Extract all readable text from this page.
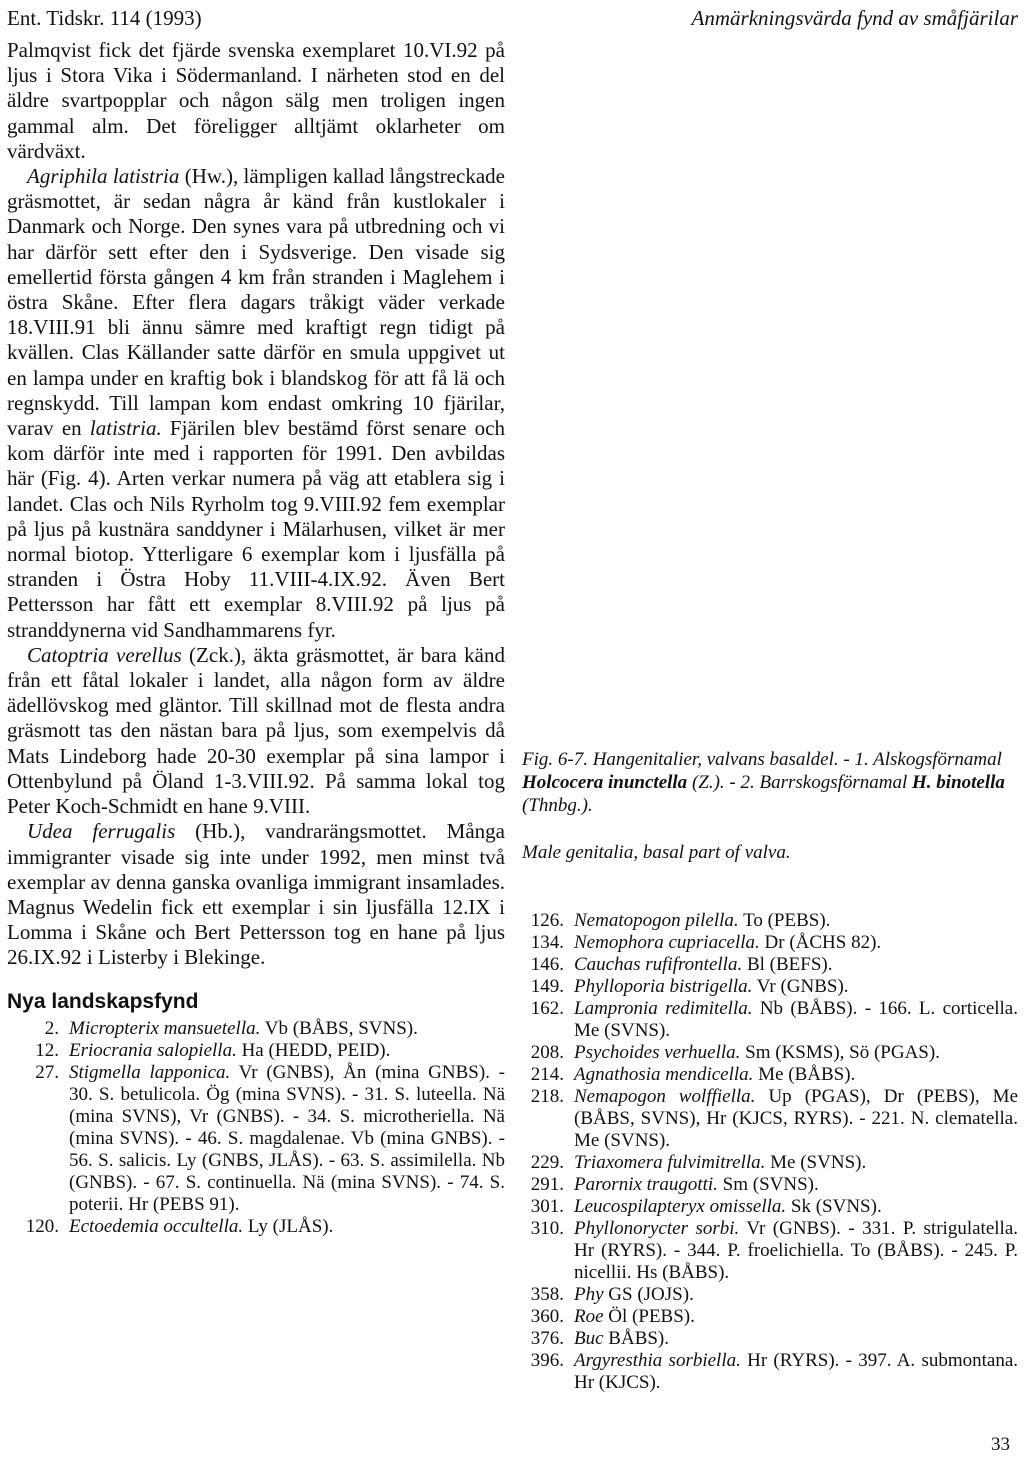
Ent. Tidskr. 114 (1993)	Anmärkningsvärda fynd av småfjärilar

Palmqvist fick det fjärde svenska exemplaret 10.VI.92 på ljus i Stora Vika i Södermanland. I närheten stod en del äldre svartpopplar och någon sälg men troligen ingen gammal alm. Det föreligger alltjämt oklarheter om värdväxt.

Agriphila latistria (Hw.), lämpligen kallad långstreckade gräsmottet, är sedan några år känd från kustlokaler i Danmark och Norge. Den synes vara på utbredning och vi har därför sett efter den i Sydsverige. Den visade sig emellertid första gången 4 km från stranden i Maglehem i östra Skåne. Efter flera dagars tråkigt väder verkade 18.VIII.91 bli ännu sämre med kraftigt regn tidigt på kvällen. Clas Källander satte därför en smula uppgivet ut en lampa under en kraftig bok i blandskog för att få lä och regnskydd. Till lampan kom endast omkring 10 fjärilar, varav en latistria. Fjärilen blev bestämd först senare och kom därför inte med i rapporten för 1991. Den avbildas här (Fig. 4). Arten verkar numera på väg att etablera sig i landet. Clas och Nils Ryrholm tog 9.VIII.92 fem exemplar på ljus på kustnära sanddyner i Mälarhusen, vilket är mer normal biotop. Ytterligare 6 exemplar kom i ljusfälla på stranden i Östra Hoby 11.VIII-4.IX.92. Även Bert Pettersson har fått ett exemplar 8.VIII.92 på ljus på stranddynerna vid Sandhammarens fyr.

Catoptria verellus (Zck.), äkta gräsmottet, är bara känd från ett fåtal lokaler i landet, alla någon form av äldre ädellövskog med gläntor. Till skillnad mot de flesta andra gräsmott tas den nästan bara på ljus, som exempelvis då Mats Lindeborg hade 20-30 exemplar på sina lampor i Ottenbylund på Öland 1-3.VIII.92. På samma lokal tog Peter Koch-Schmidt en hane 9.VIII.

Udea ferrugalis (Hb.), vandrarängsmottet. Många immigranter visade sig inte under 1992, men minst två exemplar av denna ganska ovanliga immigrant insamlades. Magnus Wedelin fick ett exemplar i sin ljusfälla 12.IX i Lomma i Skåne och Bert Pettersson tog en hane på ljus 26.IX.92 i Listerby i Blekinge.

Nya landskapsfynd
2. Micropterix mansuetella. Vb (BÅBS, SVNS).
12. Eriocrania salopiella. Ha (HEDD, PEID).
27. Stigmella lapponica. Vr (GNBS), Ån (mina GNBS). - 30. S. betulicola. Ög (mina SVNS). - 31. S. luteella. Nä (mina SVNS), Vr (GNBS). - 34. S. microtheriella. Nä (mina SVNS). - 46. S. magdalenae. Vb (mina GNBS). - 56. S. salicis. Ly (GNBS, JLÅS). - 63. S. assimilella. Nb (GNBS). - 67. S. continuella. Nä (mina SVNS). - 74. S. poterii. Hr (PEBS 91).
120. Ectoedemia occultella. Ly (JLÅS).
Fig. 6-7. Hangenitalier, valvans basaldel. - 1. Alskogsförnamal Holcocera inunctella (Z.). - 2. Barrskogsförnamal H. binotella (Thnbg.).
Male genitalia, basal part of valva.
126. Nematopogon pilella. To (PEBS).
134. Nemophora cupriacella. Dr (ÅCHS 82).
146. Cauchas rufifrontella. Bl (BEFS).
149. Phylloporia bistrigella. Vr (GNBS).
162. Lampronia redimitella. Nb (BÅBS). - 166. L. corticella. Me (SVNS).
208. Psychoides verhuella. Sm (KSMS), Sö (PGAS).
214. Agnathosia mendicella. Me (BÅBS).
218. Nemapogon wolffiella. Up (PGAS), Dr (PEBS), Me (BÅBS, SVNS), Hr (KJCS, RYRS). - 221. N. clematella. Me (SVNS).
229. Triaxomera fulvimitrella. Me (SVNS).
291. Parornix traugotti. Sm (SVNS).
301. Leucospilapteryx omissella. Sk (SVNS).
310. Phyllonorycter sorbi. Vr (GNBS). - 331. P. strigulatella. Hr (RYRS). - 344. P. froelichiella. To (BÅBS). - 245. P. nicellii. Hs (BÅBS).
358. Phy GS (JOJS).
360. Roe Öl (PEBS).
376. Buc BÅBS).
396. Argyresthia sorbiella. Hr (RYRS). - 397. A. submontana. Hr (KJCS).
33
